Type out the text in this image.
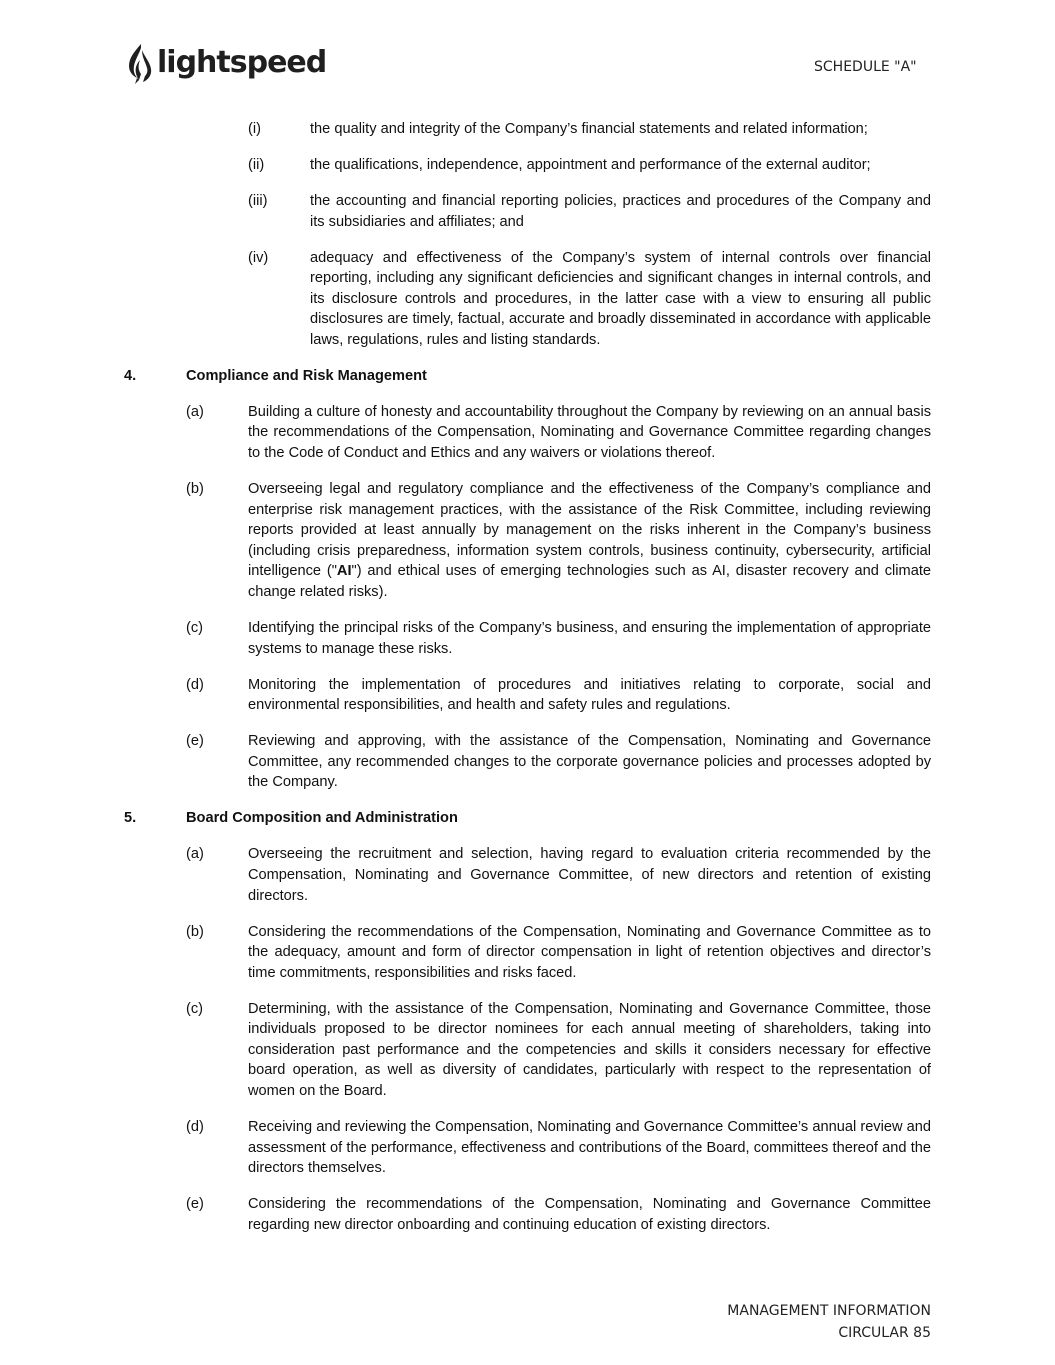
lightspeed	SCHEDULE "A"
(i)	the quality and integrity of the Company’s financial statements and related information;
(ii)	the qualifications, independence, appointment and performance of the external auditor;
(iii)	the accounting and financial reporting policies, practices and procedures of the Company and its subsidiaries and affiliates; and
(iv)	adequacy and effectiveness of the Company’s system of internal controls over financial reporting, including any significant deficiencies and significant changes in internal controls, and its disclosure controls and procedures, in the latter case with a view to ensuring all public disclosures are timely, factual, accurate and broadly disseminated in accordance with applicable laws, regulations, rules and listing standards.
4.	Compliance and Risk Management
(a)	Building a culture of honesty and accountability throughout the Company by reviewing on an annual basis the recommendations of the Compensation, Nominating and Governance Committee regarding changes to the Code of Conduct and Ethics and any waivers or violations thereof.
(b)	Overseeing legal and regulatory compliance and the effectiveness of the Company’s compliance and enterprise risk management practices, with the assistance of the Risk Committee, including reviewing reports provided at least annually by management on the risks inherent in the Company’s business (including crisis preparedness, information system controls, business continuity, cybersecurity, artificial intelligence ("AI") and ethical uses of emerging technologies such as AI, disaster recovery and climate change related risks).
(c)	Identifying the principal risks of the Company’s business, and ensuring the implementation of appropriate systems to manage these risks.
(d)	Monitoring the implementation of procedures and initiatives relating to corporate, social and environmental responsibilities, and health and safety rules and regulations.
(e)	Reviewing and approving, with the assistance of the Compensation, Nominating and Governance Committee, any recommended changes to the corporate governance policies and processes adopted by the Company.
5.	Board Composition and Administration
(a)	Overseeing the recruitment and selection, having regard to evaluation criteria recommended by the Compensation, Nominating and Governance Committee, of new directors and retention of existing directors.
(b)	Considering the recommendations of the Compensation, Nominating and Governance Committee as to the adequacy, amount and form of director compensation in light of retention objectives and director’s time commitments, responsibilities and risks faced.
(c)	Determining, with the assistance of the Compensation, Nominating and Governance Committee, those individuals proposed to be director nominees for each annual meeting of shareholders, taking into consideration past performance and the competencies and skills it considers necessary for effective board operation, as well as diversity of candidates, particularly with respect to the representation of women on the Board.
(d)	Receiving and reviewing the Compensation, Nominating and Governance Committee’s annual review and assessment of the performance, effectiveness and contributions of the Board, committees thereof and the directors themselves.
(e)	Considering the recommendations of the Compensation, Nominating and Governance Committee regarding new director onboarding and continuing education of existing directors.
MANAGEMENT INFORMATION
CIRCULAR 85
